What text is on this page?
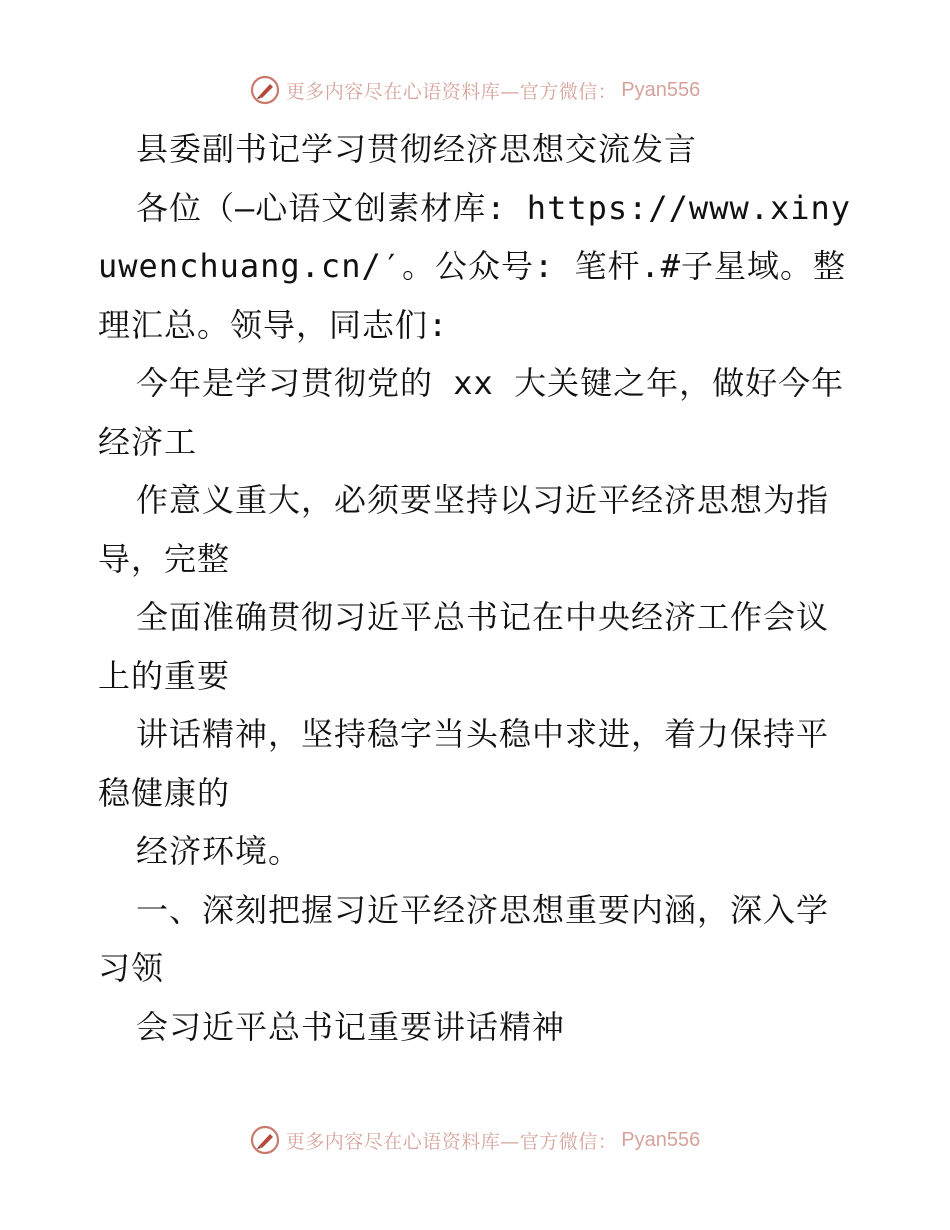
更多内容尽在心语资料库—官方微信： Pyan556

县委副书记学习贯彻经济思想交流发言

各位（—心语文创素材库: https://www.xinyuwenchuang.cn/′。公众号: 笔杆.#子星域。整理汇总。领导，同志们:

今年是学习贯彻党的 xx 大关键之年，做好今年经济工

作意义重大，必须要坚持以习近平经济思想为指导，完整

全面准确贯彻习近平总书记在中央经济工作会议上的重要

讲话精神，坚持稳字当头稳中求进，着力保持平稳健康的

经济环境。

一、深刻把握习近平经济思想重要内涵，深入学习领

会习近平总书记重要讲话精神

更多内容尽在心语资料库—官方微信： Pyan556
